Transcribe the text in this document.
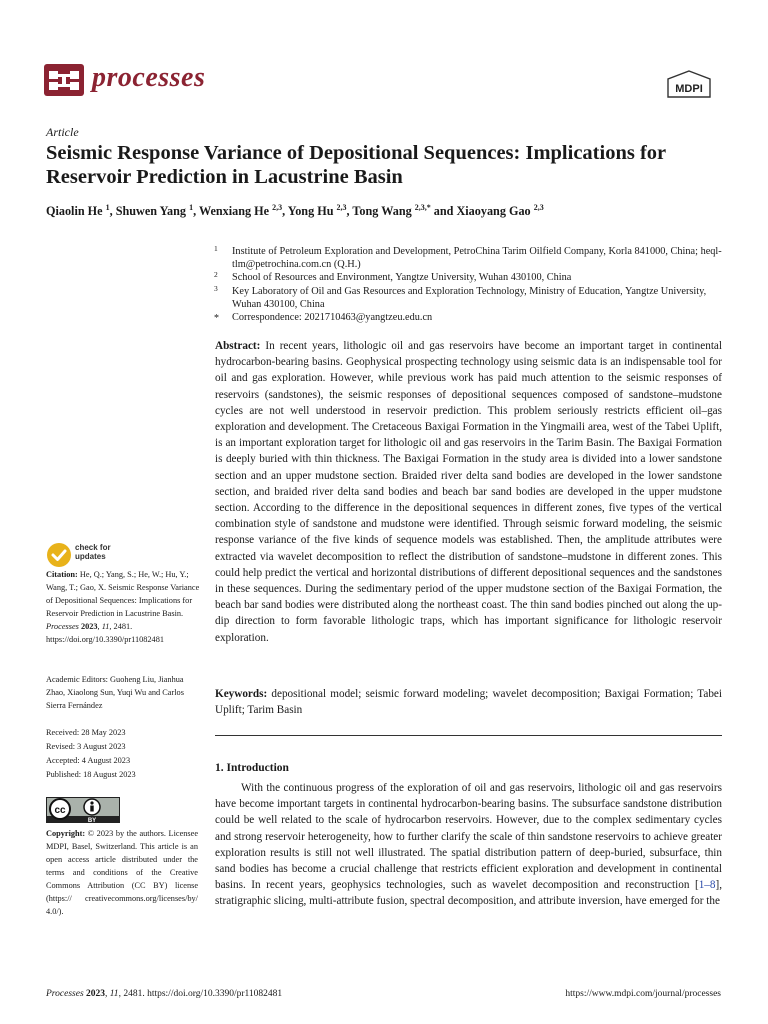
processes	MDPI
Article
Seismic Response Variance of Depositional Sequences: Implications for Reservoir Prediction in Lacustrine Basin
Qiaolin He $^1$, Shuwen Yang $^1$, Wenxiang He $^{2,3}$, Yong Hu $^{2,3}$, Tong Wang $^{2,3,*}$ and Xiaoyang Gao $^{2,3}$
1 Institute of Petroleum Exploration and Development, PetroChina Tarim Oilfield Company, Korla 841000, China; heql-tlm@petrochina.com.cn (Q.H.)
2 School of Resources and Environment, Yangtze University, Wuhan 430100, China
3 Key Laboratory of Oil and Gas Resources and Exploration Technology, Ministry of Education, Yangtze University, Wuhan 430100, China
* Correspondence: 2021710463@yangtzeu.edu.cn
Abstract: In recent years, lithologic oil and gas reservoirs have become an important target in continental hydrocarbon-bearing basins. Geophysical prospecting technology using seismic data is an indispensable tool for oil and gas exploration. However, while previous work has paid much attention to the seismic responses of reservoirs (sandstones), the seismic responses of depositional sequences composed of sandstone–mudstone cycles are not well understood in reservoir prediction. This problem seriously restricts efficient oil–gas exploration and development. The Cretaceous Baxigai Formation in the Yingmaili area, west of the Tabei Uplift, is an important exploration target for lithologic oil and gas reservoirs in the Tarim Basin. The Baxigai Formation is deeply buried with thin thickness. The Baxigai Formation in the study area is divided into a lower sandstone section and an upper mudstone section. Braided river delta sand bodies are developed in the lower sandstone section, and braided river delta sand bodies and beach bar sand bodies are developed in the upper mudstone section. According to the difference in the depositional sequences in different zones, five types of the vertical combination style of sandstone and mudstone were identified. Through seismic forward modeling, the seismic response variance of the five kinds of sequence models was established. Then, the amplitude attributes were extracted via wavelet decomposition to reflect the distribution of sandstone–mudstone in different zones. This could help predict the vertical and horizontal distributions of different depositional sequences and the sandstones in these sequences. During the sedimentary period of the upper mudstone section of the Baxigai Formation, the beach bar sand bodies were distributed along the northeast coast. The thin sand bodies pinched out along the up-dip direction to form favorable lithologic traps, which has important significance for lithologic reservoir exploration.
Keywords: depositional model; seismic forward modeling; wavelet decomposition; Baxigai Formation; Tabei Uplift; Tarim Basin
1. Introduction
With the continuous progress of the exploration of oil and gas reservoirs, lithologic oil and gas reservoirs have become important targets in continental hydrocarbon-bearing basins. The subsurface sandstone distribution could be well related to the scale of hydrocarbon reservoirs. However, due to the complex sedimentary cycles and strong reservoir heterogeneity, how to further clarify the scale of thin sandstone reservoirs to achieve greater exploration results is still not well illustrated. The spatial distribution pattern of deep-buried, subsurface, thin sand bodies has become a crucial challenge that restricts efficient exploration and development in continental basins. In recent years, geophysics technologies, such as wavelet decomposition and reconstruction [1–8], stratigraphic slicing, multi-attribute fusion, spectral decomposition, and attribute inversion, have emerged for the
check for
updates
Citation: He, Q.; Yang, S.; He, W.; Hu, Y.; Wang, T.; Gao, X. Seismic Response Variance of Depositional Sequences: Implications for Reservoir Prediction in Lacustrine Basin. Processes 2023, 11, 2481. https://doi.org/10.3390/pr11082481
Academic Editors: Guoheng Liu, Jianhua Zhao, Xiaolong Sun, Yuqi Wu and Carlos Sierra Fernández
Received: 28 May 2023
Revised: 3 August 2023
Accepted: 4 August 2023
Published: 18 August 2023
cc
BY
Copyright: © 2023 by the authors. Licensee MDPI, Basel, Switzerland. This article is an open access article distributed under the terms and conditions of the Creative Commons Attribution (CC BY) license (https:// creativecommons.org/licenses/by/ 4.0/).
Processes 2023, 11, 2481. https://doi.org/10.3390/pr11082481	https://www.mdpi.com/journal/processes
